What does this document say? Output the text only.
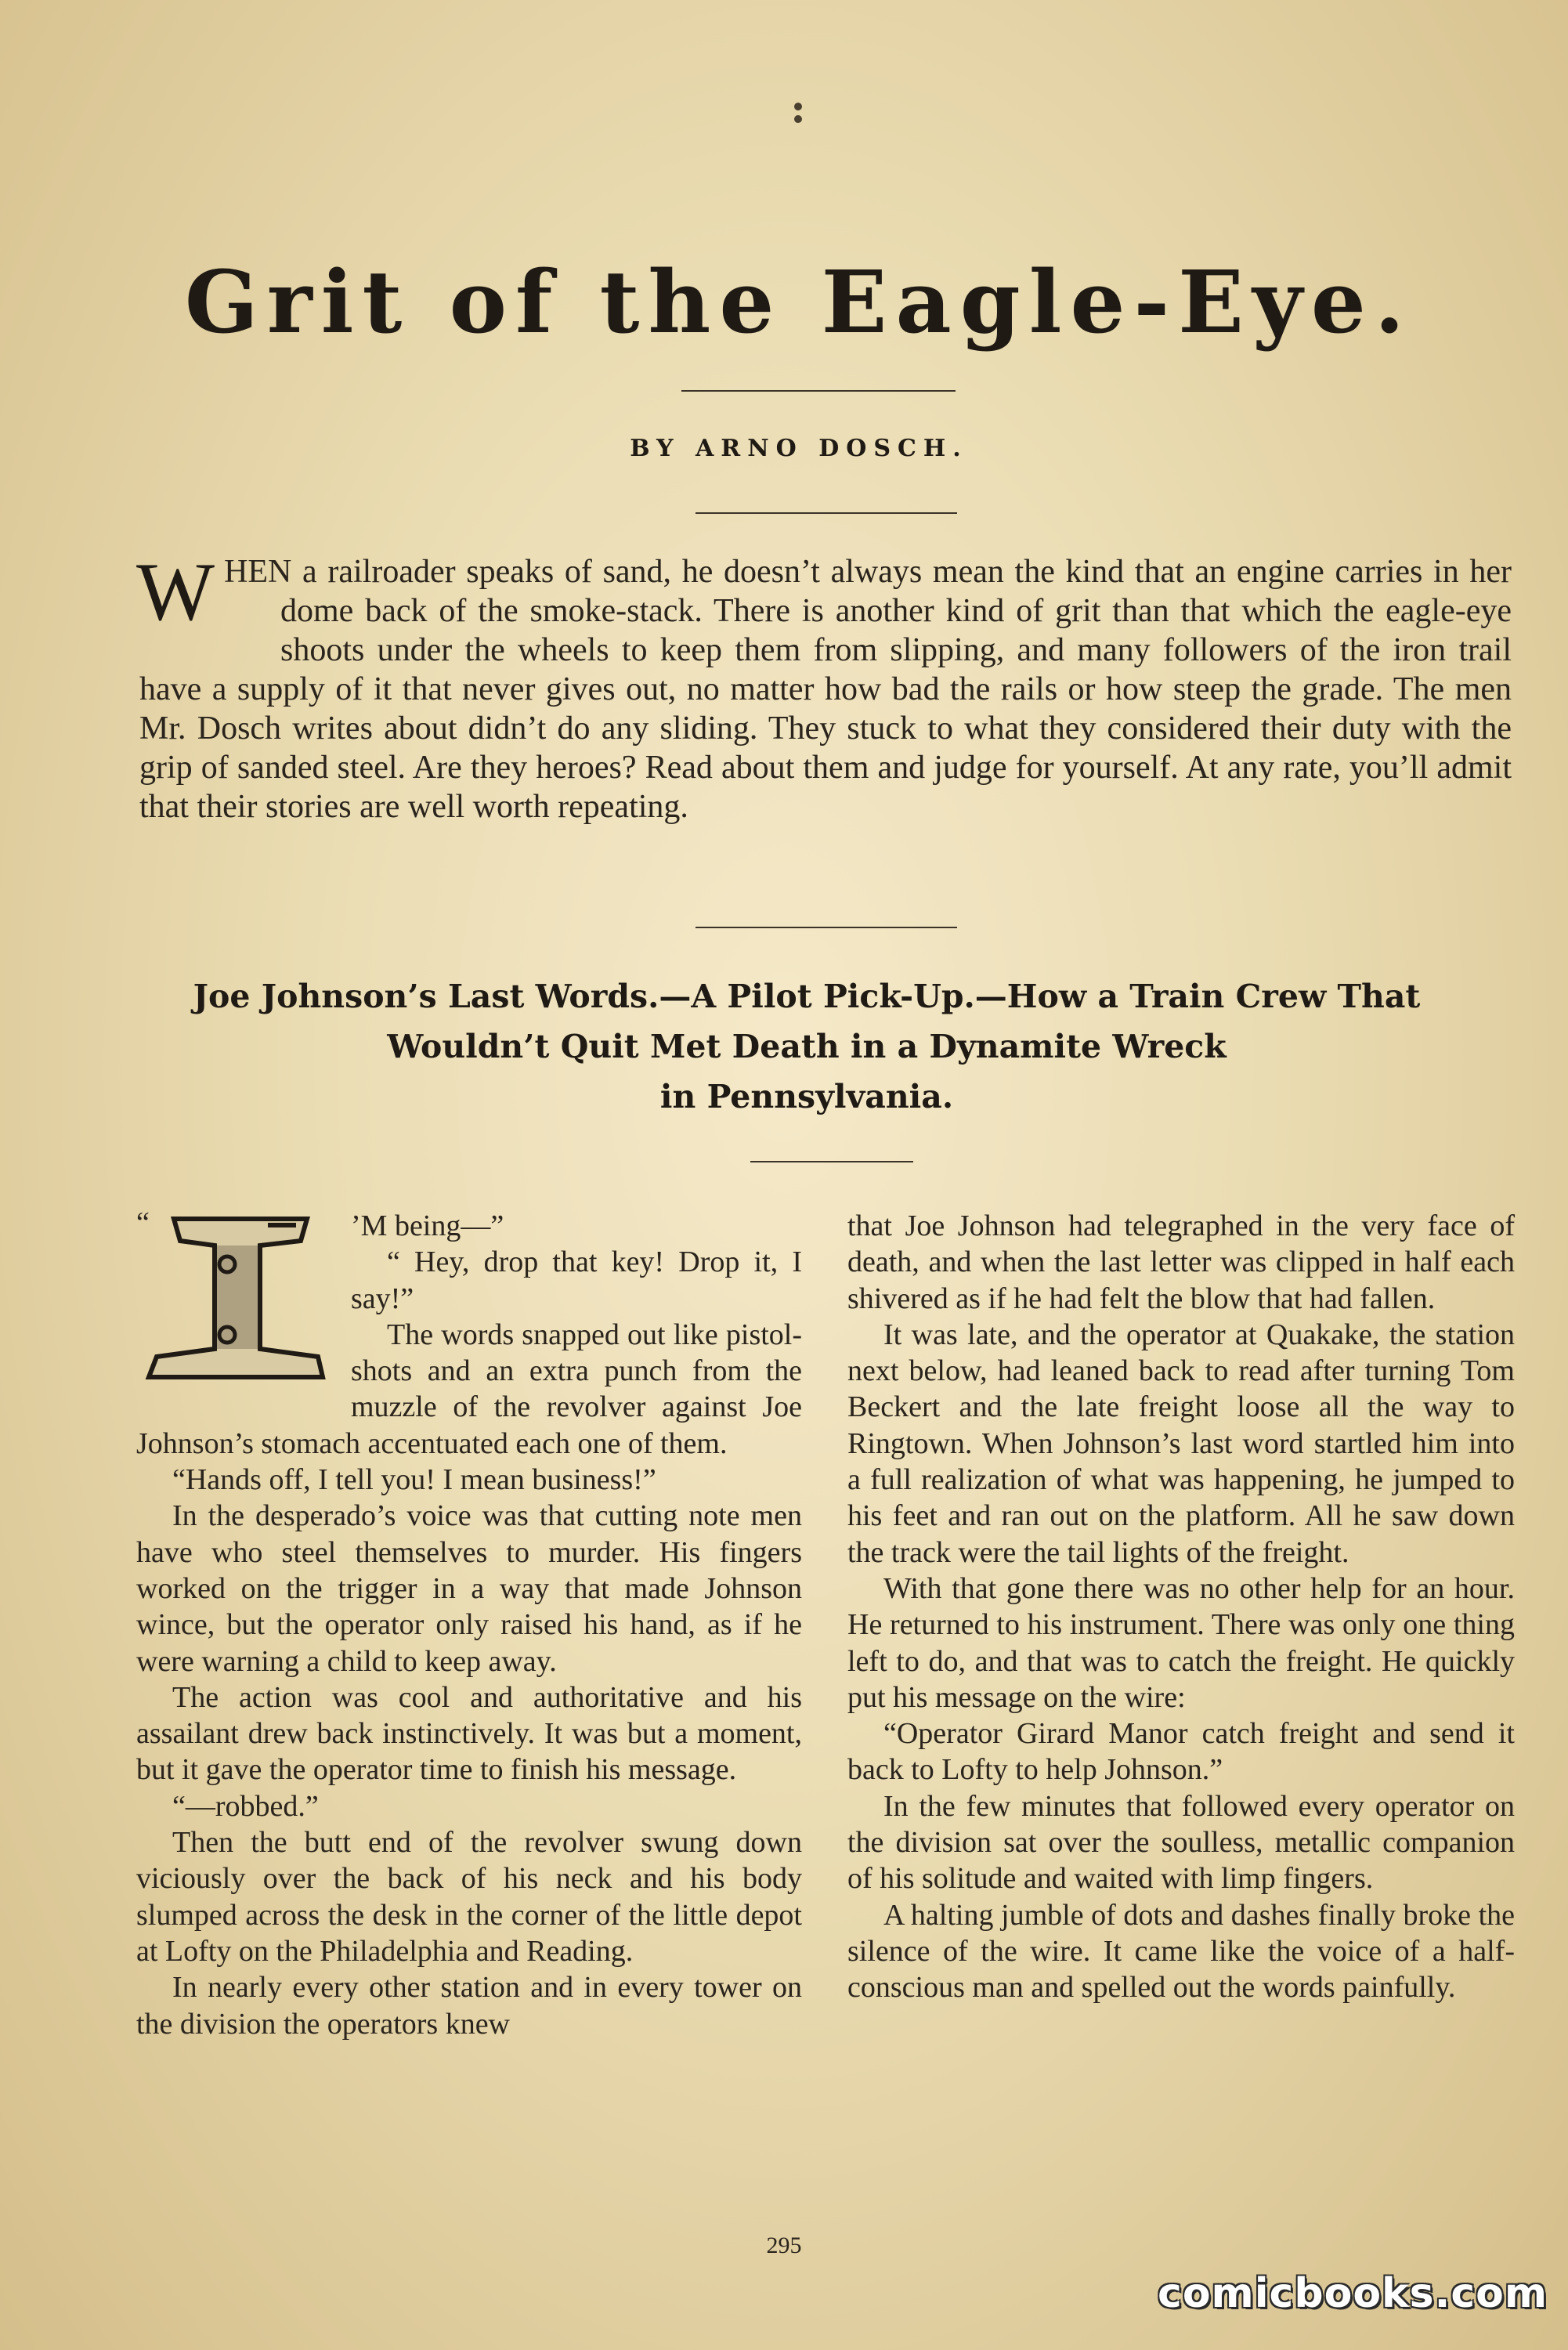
Grit of the Eagle-Eye.
BY ARNO DOSCH.
W HEN a railroader speaks of sand, he doesn’t always mean the kind that an engine carries in her dome back of the smoke-stack. There is another kind of grit than that which the eagle-eye shoots under the wheels to keep them from slipping, and many followers of the iron trail have a supply of it that never gives out, no matter how bad the rails or how steep the grade. The men Mr. Dosch writes about didn’t do any sliding. They stuck to what they considered their duty with the grip of sanded steel. Are they heroes? Read about them and judge for yourself. At any rate, you’ll admit that their stories are well worth repeating.

Joe Johnson’s Last Words.—A Pilot Pick-Up.—How a Train Crew That
Wouldn’t Quit Met Death in a Dynamite Wreck
in Pennsylvania.
“	’M being—”

“ Hey, drop that key! Drop it, I say!”

The words snapped out like pistol-shots and an extra punch from the muzzle of the revolver against Joe Johnson’s stomach accentuated each one of them.

“Hands off, I tell you! I mean business!”

In the desperado’s voice was that cutting note men have who steel themselves to murder. His fingers worked on the trigger in a way that made Johnson wince, but the operator only raised his hand, as if he were warning a child to keep away.

The action was cool and authoritative and his assailant drew back instinctively. It was but a moment, but it gave the operator time to finish his message.

“—robbed.”

Then the butt end of the revolver swung down viciously over the back of his neck and his body slumped across the desk in the corner of the little depot at Lofty on the Philadelphia and Reading.

In nearly every other station and in every tower on the division the operators knew

that Joe Johnson had telegraphed in the very face of death, and when the last letter was clipped in half each shivered as if he had felt the blow that had fallen.

It was late, and the operator at Quakake, the station next below, had leaned back to read after turning Tom Beckert and the late freight loose all the way to Ringtown. When Johnson’s last word startled him into a full realization of what was happening, he jumped to his feet and ran out on the platform. All he saw down the track were the tail lights of the freight.

With that gone there was no other help for an hour. He returned to his instrument. There was only one thing left to do, and that was to catch the freight. He quickly put his message on the wire:

“Operator Girard Manor catch freight and send it back to Lofty to help Johnson.”

In the few minutes that followed every operator on the division sat over the soulless, metallic companion of his solitude and waited with limp fingers.

A halting jumble of dots and dashes finally broke the silence of the wire. It came like the voice of a half-conscious man and spelled out the words painfully.

295
comicbooks.com
